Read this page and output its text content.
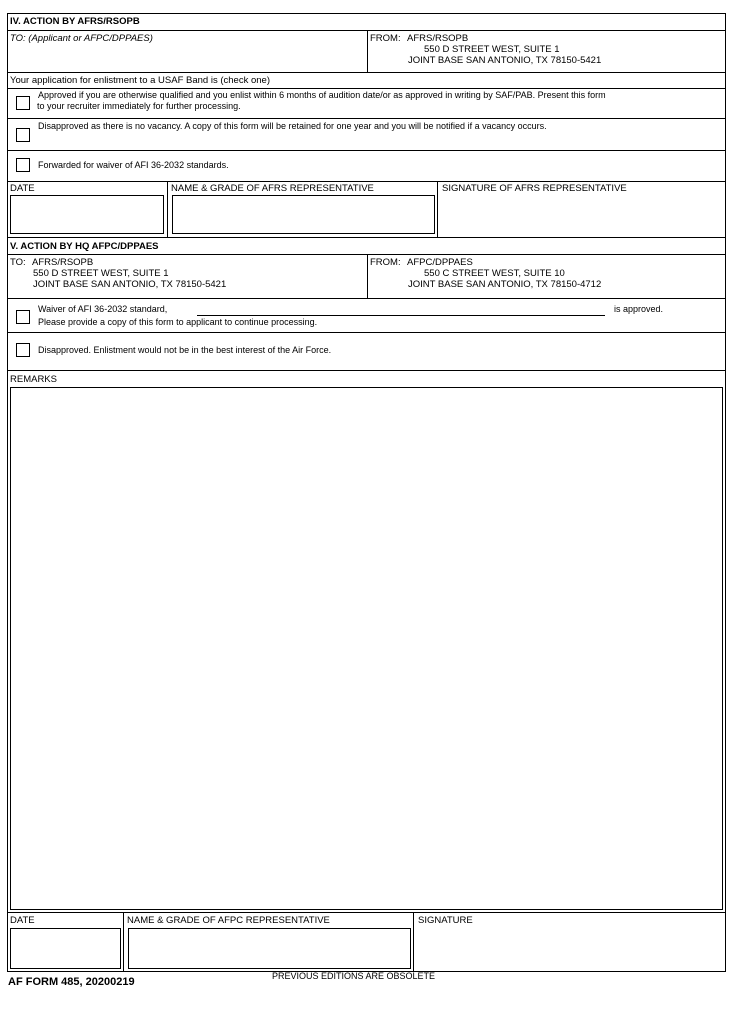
IV. ACTION BY AFRS/RSOPB
TO: (Applicant or AFPC/DPPAES)	FROM: AFRS/RSOPB
550 D STREET WEST, SUITE 1
JOINT BASE SAN ANTONIO, TX 78150-5421
Your application for enlistment to a USAF Band is (check one)
Approved if you are otherwise qualified and you enlist within 6 months of audition date/or as approved in writing by SAF/PAB. Present this form
to your recruiter immediately for further processing.
Disapproved as there is no vacancy. A copy of this form will be retained for one year and you will be notified if a vacancy occurs.
Forwarded for waiver of AFI 36-2032 standards.
DATE	NAME & GRADE OF AFRS REPRESENTATIVE	SIGNATURE OF AFRS REPRESENTATIVE
V. ACTION BY HQ AFPC/DPPAES
TO: AFRS/RSOPB
550 D STREET WEST, SUITE 1
JOINT BASE SAN ANTONIO, TX 78150-5421
FROM: AFPC/DPPAES
550 C STREET WEST, SUITE 10
JOINT BASE SAN ANTONIO, TX 78150-4712
Waiver of AFI 36-2032 standard,	is approved.
Please provide a copy of this form to applicant to continue processing.
Disapproved. Enlistment would not be in the best interest of the Air Force.
REMARKS
DATE	NAME & GRADE OF AFPC REPRESENTATIVE	SIGNATURE
AF FORM 485, 20200219	PREVIOUS EDITIONS ARE OBSOLETE
